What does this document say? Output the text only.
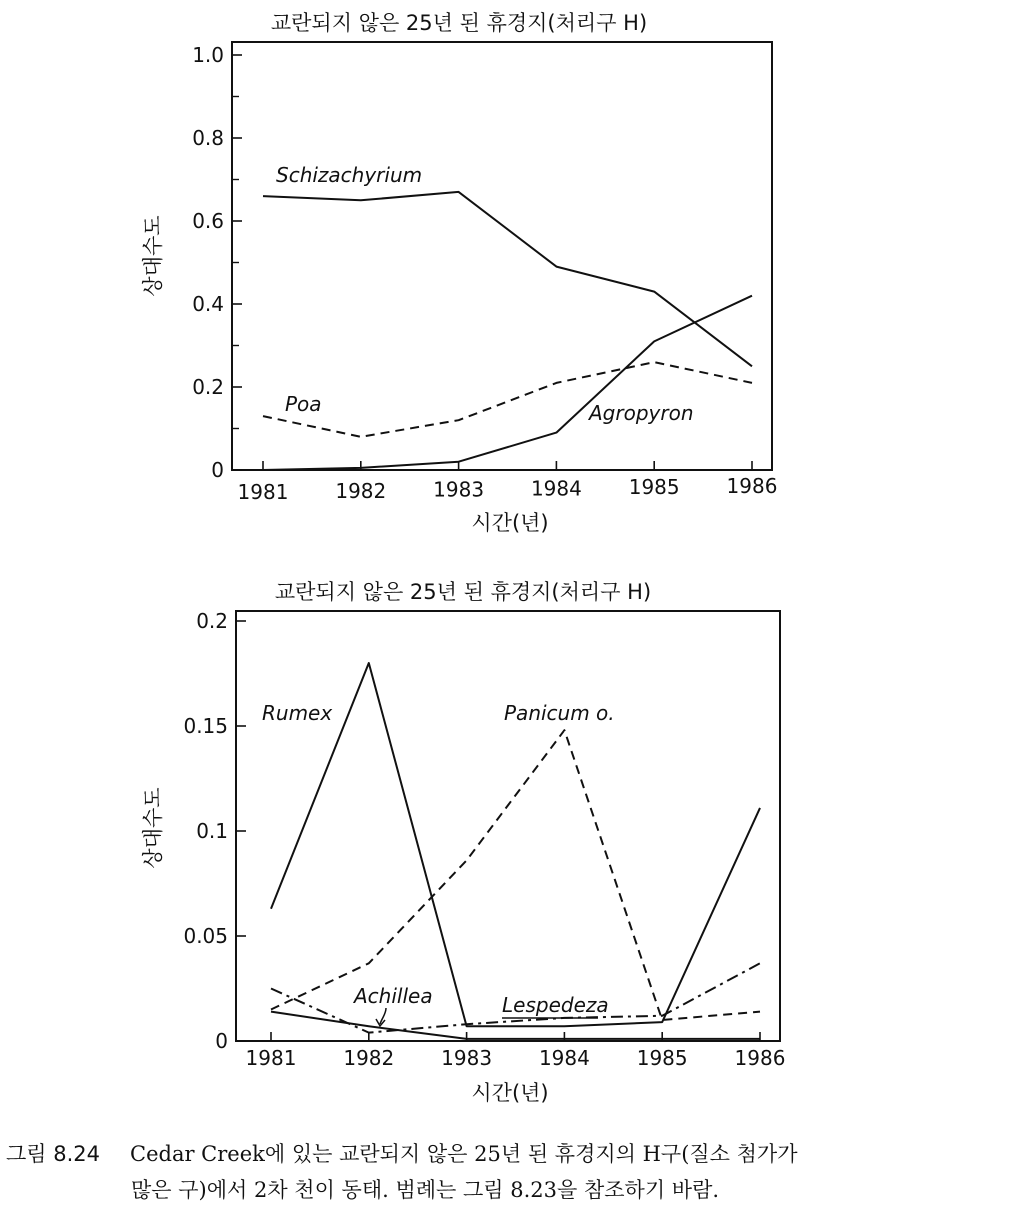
교란되지 않은 25년 된 휴경지(처리구 H)
0
0.2
0.4
0.6
0.8
1.0
1981 1982 1983 1984 1985 1986
시간(년)
상대수도
Schizachyrium
Poa	Agropyron
교란되지 않은 25년 된 휴경지(처리구 H)
0
0.05
0.1
0.15
0.2
1981 1982 1983 1984 1985 1986
시간(년)
상대수도
Rumex	Panicum o.
Achillea	Lespedeza
그림 8.24 Cedar Creek에 있는 교란되지 않은 25년 된 휴경지의 H구(질소 첨가가
많은 구)에서 2차 천이 동태. 범례는 그림 8.23을 참조하기 바람.
